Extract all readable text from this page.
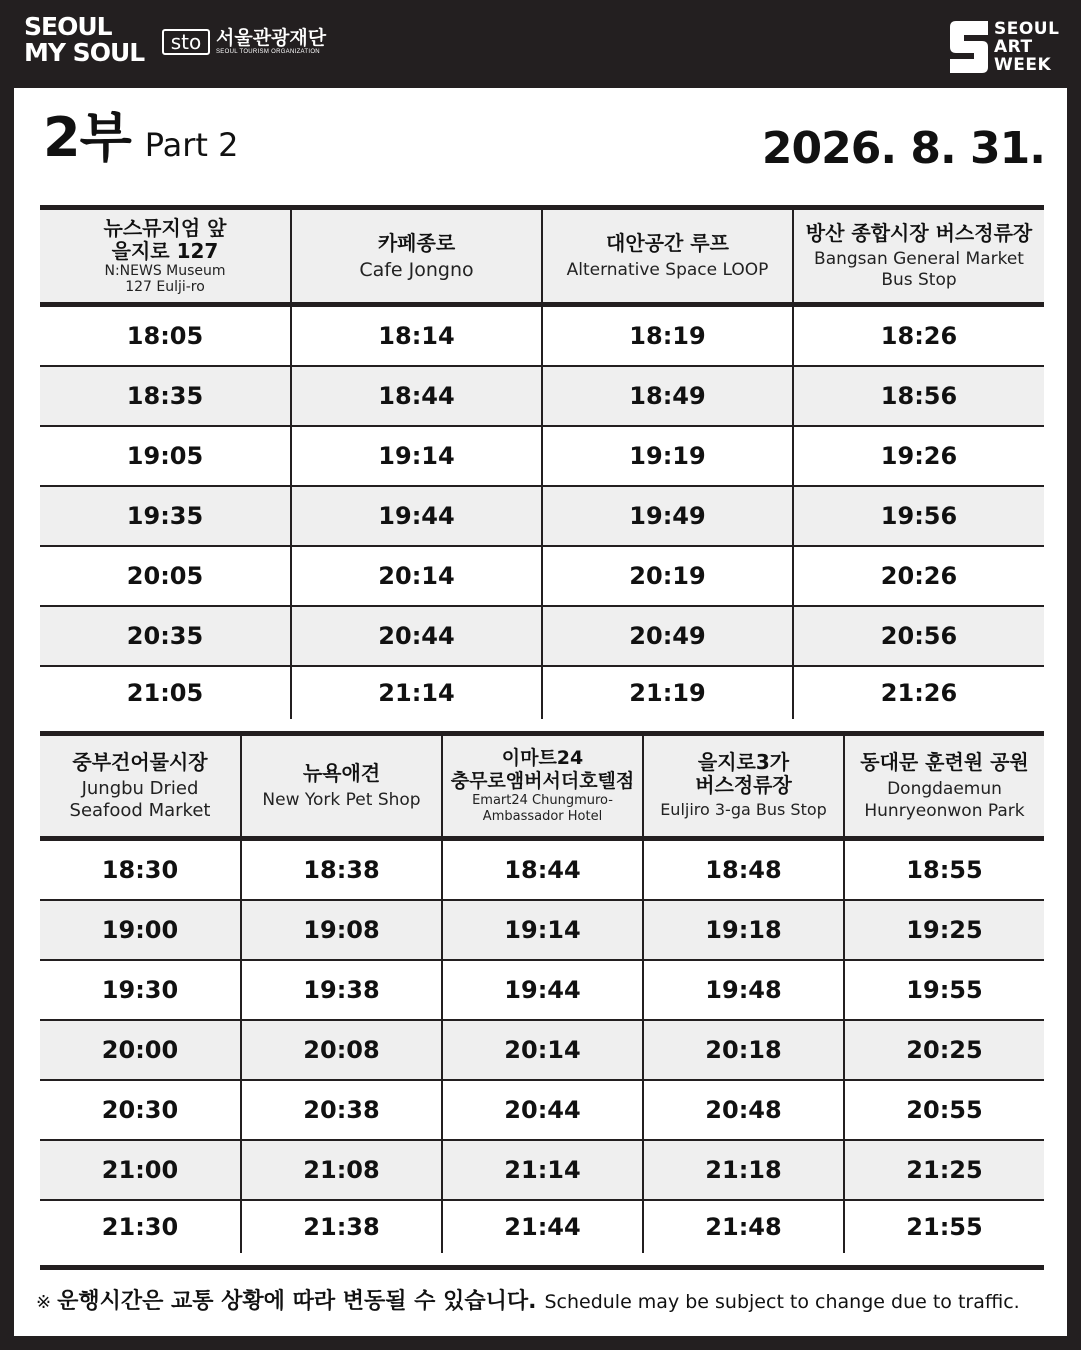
SEOUL
MY SOUL	sto 서울관광재단
SEOUL TOURISM ORGANIZATION
SEOUL
ART
WEEK
2부 Part 2	2026. 8. 31.
뉴스뮤지엄 앞
을지로 127
N:NEWS Museum
127 Eulji-ro	카페종로
Cafe Jongno	대안공간 루프
Alternative Space LOOP	방산 종합시장 버스정류장
Bangsan General Market
Bus Stop

18:05	18:14	18:19	18:26
18:35	18:44	18:49	18:56
19:05	19:14	19:19	19:26
19:35	19:44	19:49	19:56
20:05	20:14	20:19	20:26
20:35	20:44	20:49	20:56
21:05	21:14	21:19	21:26
중부건어물시장
Jungbu Dried
Seafood Market	뉴욕애견
New York Pet Shop	이마트24
충무로앰버서더호텔점
Emart24 Chungmuro-
Ambassador Hotel	을지로3가
버스정류장
Euljiro 3-ga Bus Stop	동대문 훈련원 공원
Dongdaemun
Hunryeonwon Park

18:30	18:38	18:44	18:48	18:55
19:00	19:08	19:14	19:18	19:25
19:30	19:38	19:44	19:48	19:55
20:00	20:08	20:14	20:18	20:25
20:30	20:38	20:44	20:48	20:55
21:00	21:08	21:14	21:18	21:25
21:30	21:38	21:44	21:48	21:55
※ 운행시간은 교통 상황에 따라 변동될 수 있습니다. Schedule may be subject to change due to traffic.
